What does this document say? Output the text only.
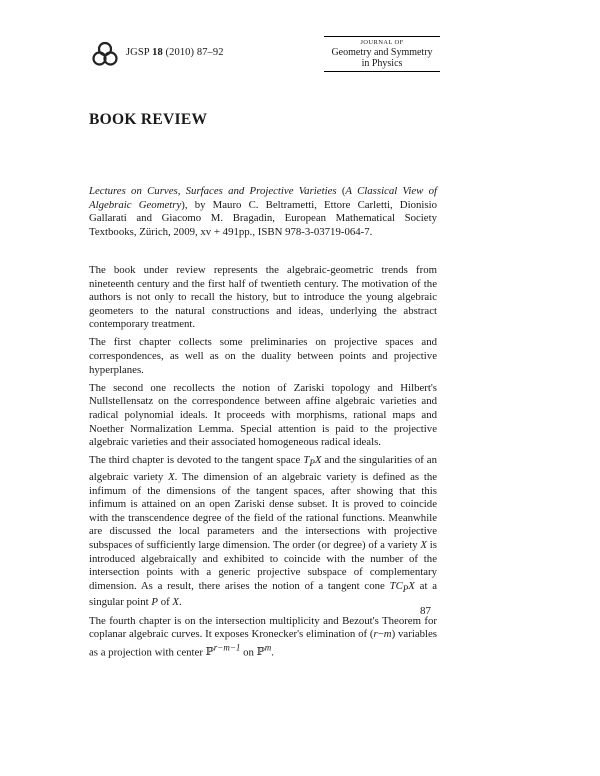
JGSP 18 (2010) 87–92
JOURNAL OF
Geometry and Symmetry
in Physics
BOOK REVIEW

Lectures on Curves, Surfaces and Projective Varieties (A Classical View of Algebraic Geometry), by Mauro C. Beltrametti, Ettore Carletti, Dionisio Gallarati and Giacomo M. Bragadin, European Mathematical Society Textbooks, Zürich, 2009, xv + 491pp., ISBN 978-3-03719-064-7.

The book under review represents the algebraic-geometric trends from nineteenth century and the first half of twentieth century. The motivation of the authors is not only to recall the history, but to introduce the young algebraic geometers to the natural constructions and ideas, underlying the abstract contemporary treatment.

The first chapter collects some preliminaries on projective spaces and correspondences, as well as on the duality between points and projective hyperplanes.

The second one recollects the notion of Zariski topology and Hilbert's Nullstellensatz on the correspondence between affine algebraic varieties and radical polynomial ideals. It proceeds with morphisms, rational maps and Noether Normalization Lemma. Special attention is paid to the projective algebraic varieties and their associated homogeneous radical ideals.

The third chapter is devoted to the tangent space $T_PX$ and the singularities of an algebraic variety X. The dimension of an algebraic variety is defined as the infimum of the dimensions of the tangent spaces, after showing that this infimum is attained on an open Zariski dense subset. It is proved to coincide with the transcendence degree of the field of the rational functions. Meanwhile are discussed the local parameters and the intersections with projective subspaces of sufficiently large dimension. The order (or degree) of a variety X is introduced algebraically and exhibited to coincide with the number of the intersection points with a generic projective subspace of complementary dimension. As a result, there arises the notion of a tangent cone $TC_PX$ at a singular point P of X.

The fourth chapter is on the intersection multiplicity and Bezout's Theorem for coplanar algebraic curves. It exposes Kronecker's elimination of (r−m) variables as a projection with center ℙ$^{r-m-1}$ on ℙ$^m$.

87
